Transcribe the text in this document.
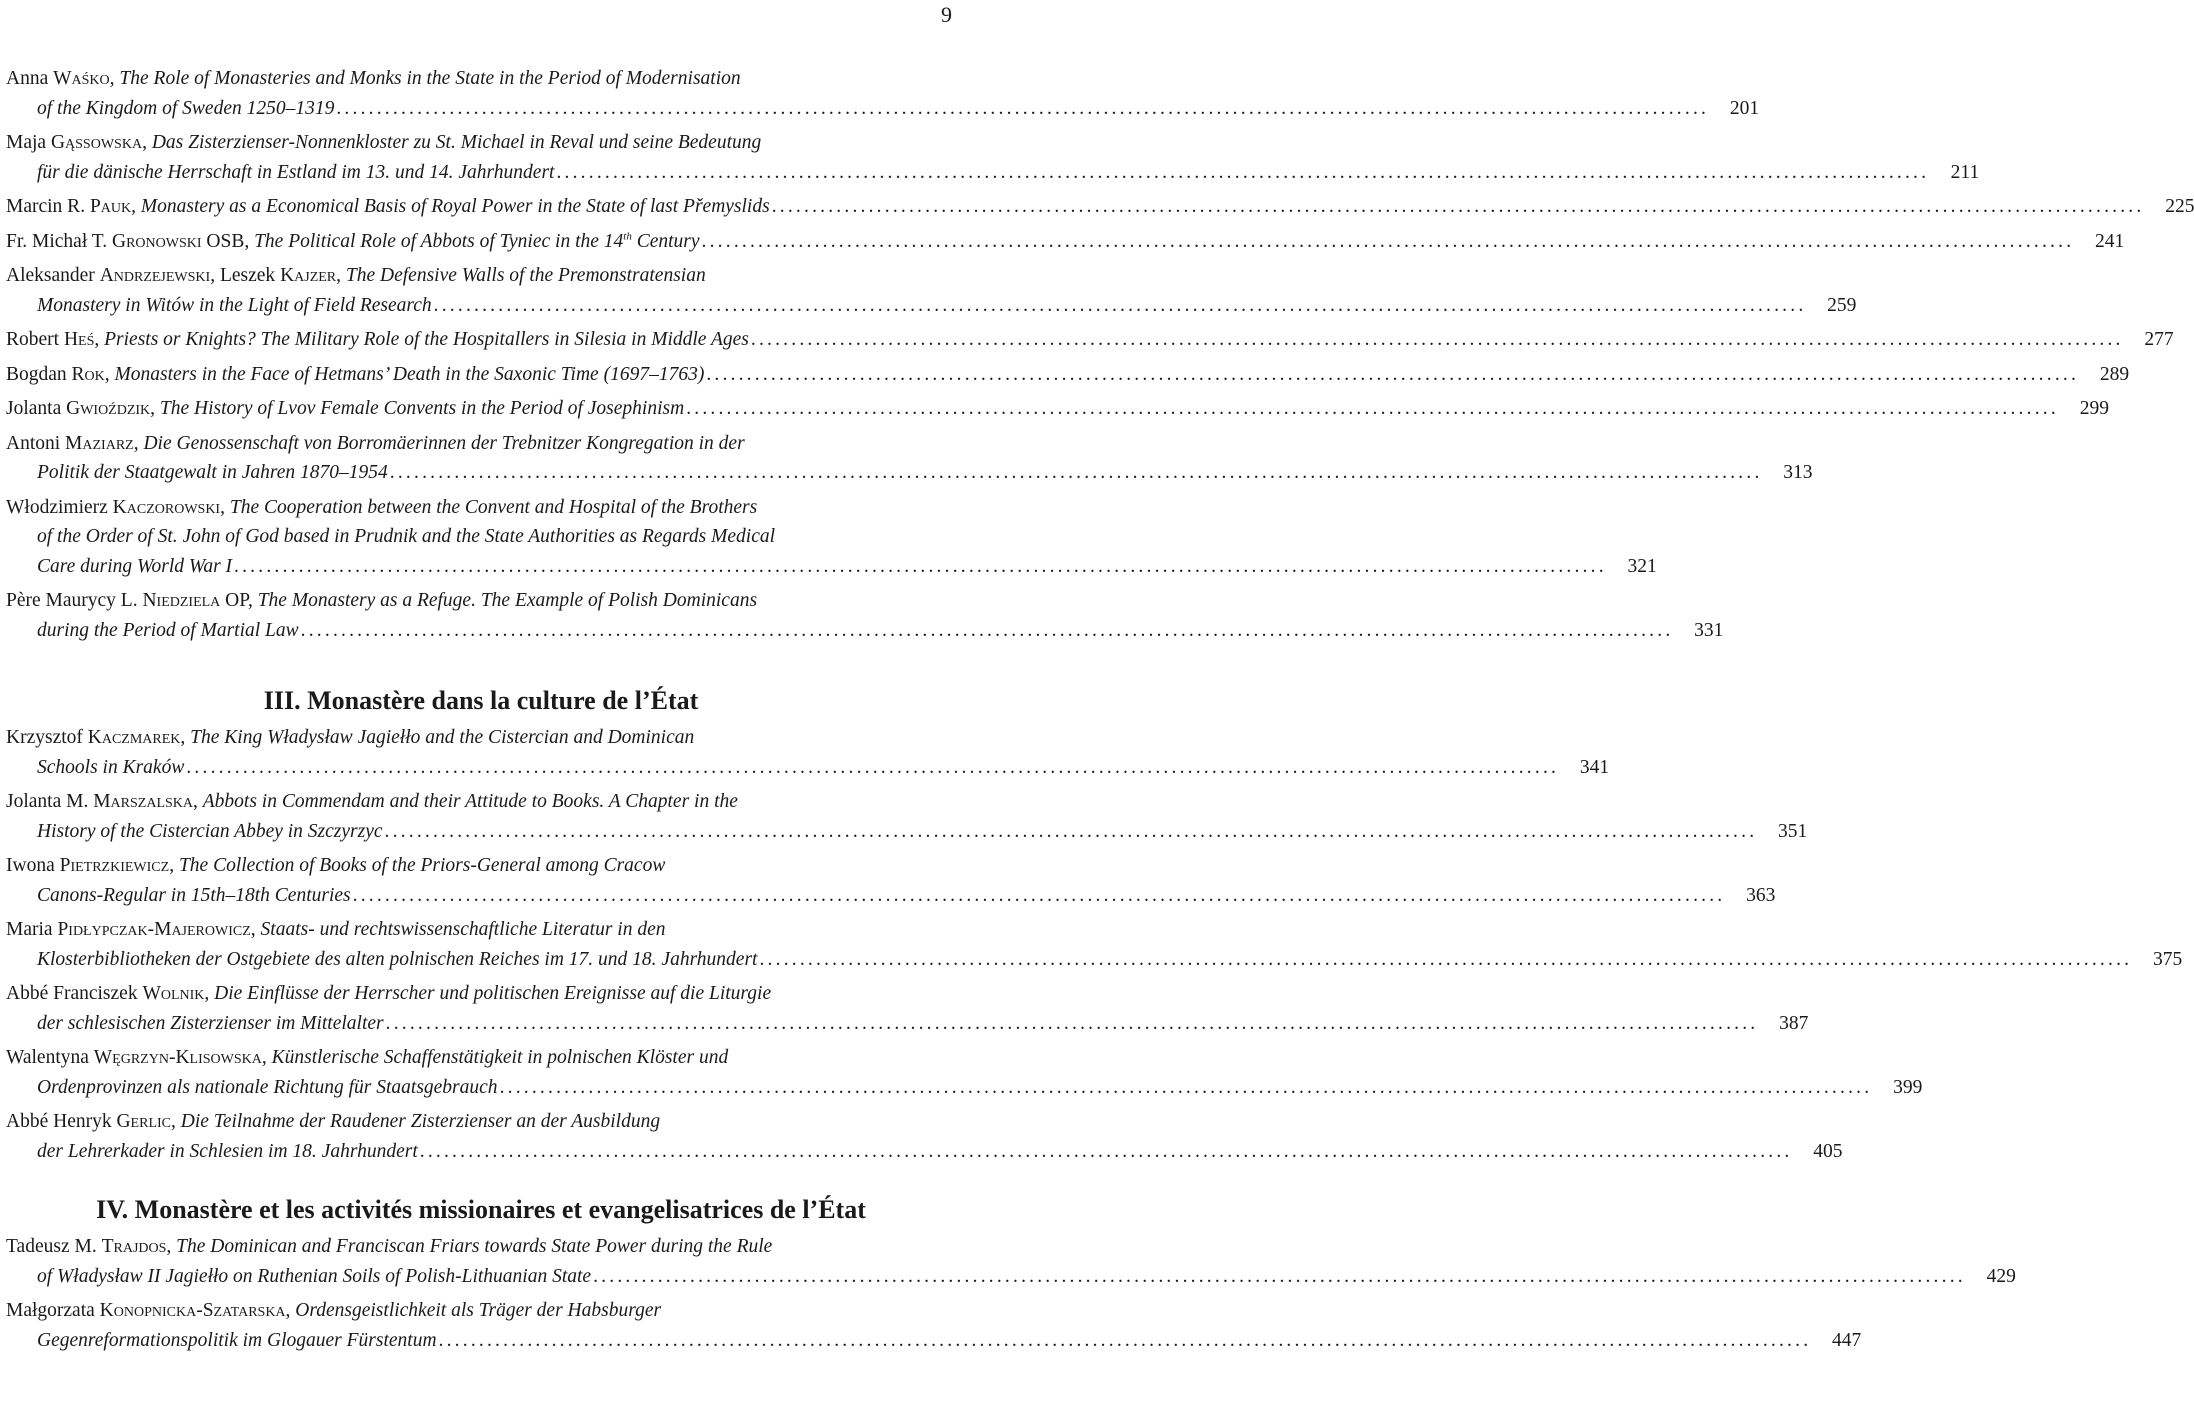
9
Anna Waśko, The Role of Monasteries and Monks in the State in the Period of Modernisation
of the Kingdom of Sweden 1250–1319 ..........................................................................................................................................................................	201
Maja Gąssowska, Das Zisterzienser-Nonnenkloster zu St. Michael in Reval und seine Bedeutung
für die dänische Herrschaft in Estland im 13. und 14. Jahrhundert ..........................................................................................................................................................................	211
Marcin R. Pauk, Monastery as a Economical Basis of Royal Power in the State of last Přemyslids ..........................................................................................................................................................................	225
Fr. Michał T. Gronowski OSB, The Political Role of Abbots of Tyniec in the 14th Century ..........................................................................................................................................................................	241
Aleksander Andrzejewski, Leszek Kajzer, The Defensive Walls of the Premonstratensian
Monastery in Witów in the Light of Field Research ..........................................................................................................................................................................	259
Robert Heś, Priests or Knights? The Military Role of the Hospitallers in Silesia in Middle Ages ..........................................................................................................................................................................	277
Bogdan Rok, Monasters in the Face of Hetmans’ Death in the Saxonic Time (1697–1763) ..........................................................................................................................................................................	289
Jolanta Gwioździk, The History of Lvov Female Convents in the Period of Josephinism ..........................................................................................................................................................................	299
Antoni Maziarz, Die Genossenschaft von Borromäerinnen der Trebnitzer Kongregation in der
Politik der Staatgewalt in Jahren 1870–1954 ..........................................................................................................................................................................	313
Włodzimierz Kaczorowski, The Cooperation between the Convent and Hospital of the Brothers
of the Order of St. John of God based in Prudnik and the State Authorities as Regards Medical
Care during World War I ..........................................................................................................................................................................	321
Père Maurycy L. Niedziela OP, The Monastery as a Refuge. The Example of Polish Dominicans
during the Period of Martial Law ..........................................................................................................................................................................	331
III. Monastère dans la culture de l’État
Krzysztof Kaczmarek, The King Władysław Jagiełło and the Cistercian and Dominican
Schools in Kraków ..........................................................................................................................................................................	341
Jolanta M. Marszalska, Abbots in Commendam and their Attitude to Books. A Chapter in the
History of the Cistercian Abbey in Szczyrzyc ..........................................................................................................................................................................	351
Iwona Pietrzkiewicz, The Collection of Books of the Priors-General among Cracow
Canons-Regular in 15th–18th Centuries ..........................................................................................................................................................................	363
Maria Pidłypczak-Majerowicz, Staats- und rechtswissenschaftliche Literatur in den
Klosterbibliotheken der Ostgebiete des alten polnischen Reiches im 17. und 18. Jahrhundert ..........................................................................................................................................................................	375
Abbé Franciszek Wolnik, Die Einflüsse der Herrscher und politischen Ereignisse auf die Liturgie
der schlesischen Zisterzienser im Mittelalter ..........................................................................................................................................................................	387
Walentyna Węgrzyn-Klisowska, Künstlerische Schaffenstätigkeit in polnischen Klöster und
Ordenprovinzen als nationale Richtung für Staatsgebrauch ..........................................................................................................................................................................	399
Abbé Henryk Gerlic, Die Teilnahme der Raudener Zisterzienser an der Ausbildung
der Lehrerkader in Schlesien im 18. Jahrhundert ..........................................................................................................................................................................	405
IV. Monastère et les activités missionaires et evangelisatrices de l’État
Tadeusz M. Trajdos, The Dominican and Franciscan Friars towards State Power during the Rule
of Władysław II Jagiełło on Ruthenian Soils of Polish-Lithuanian State ..........................................................................................................................................................................	429
Małgorzata Konopnicka-Szatarska, Ordensgeistlichkeit als Träger der Habsburger
Gegenreformationspolitik im Glogauer Fürstentum ..........................................................................................................................................................................	447
